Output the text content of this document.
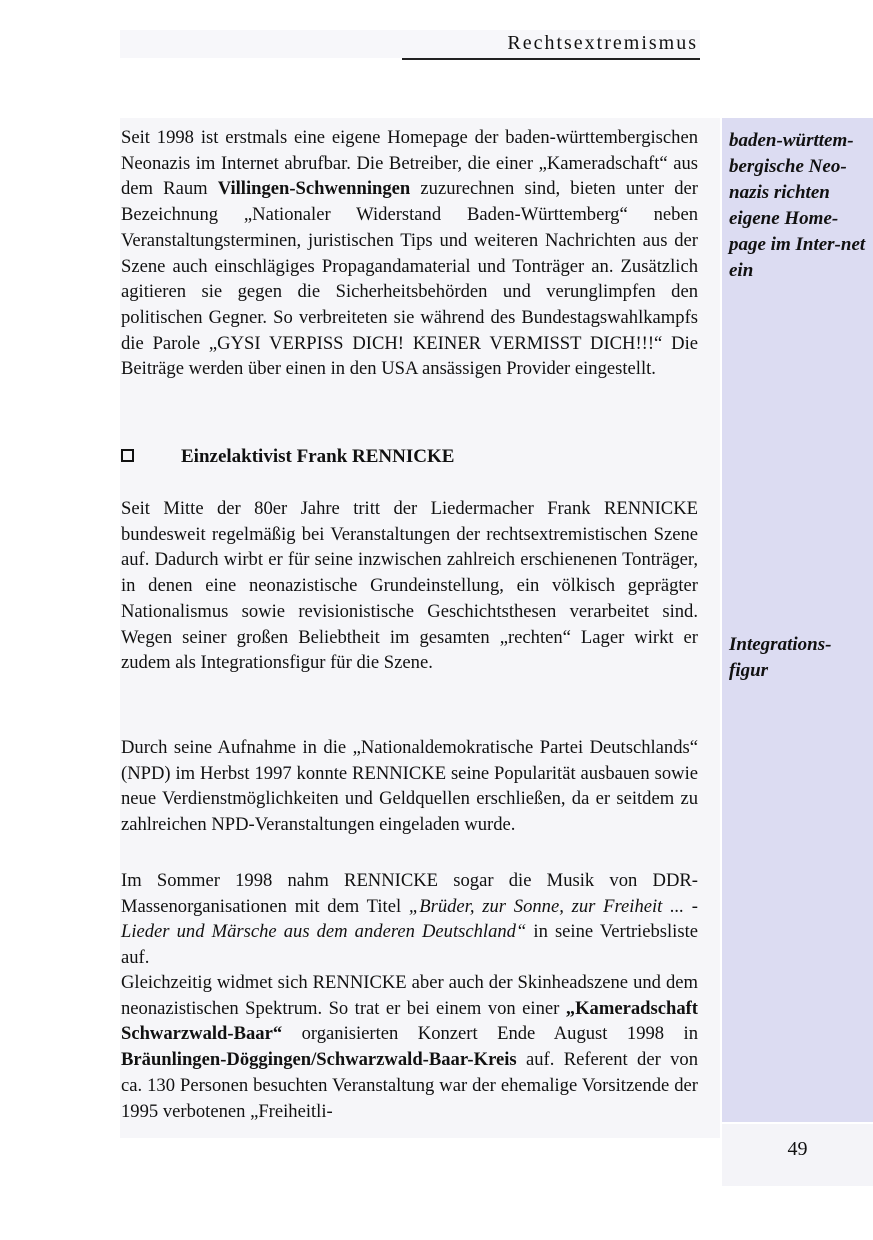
Rechtsextremismus
baden-württem-bergische Neo-nazis richten eigene Home-page im Inter-net ein
Integrations-figur

Seit 1998 ist erstmals eine eigene Homepage der baden-württembergischen Neonazis im Internet abrufbar. Die Betreiber, die einer „Kameradschaft“ aus dem Raum Villingen-Schwenningen zuzurechnen sind, bieten unter der Bezeichnung „Nationaler Widerstand Baden-Württemberg“ neben Veranstaltungsterminen, juristischen Tips und weiteren Nachrichten aus der Szene auch einschlägiges Propagandamaterial und Tonträger an. Zusätzlich agitieren sie gegen die Sicherheitsbehörden und verunglimpfen den politischen Gegner. So verbreiteten sie während des Bundestagswahlkampfs die Parole „GYSI VERPISS DICH! KEINER VERMISST DICH!!!“ Die Beiträge werden über einen in den USA ansässigen Provider eingestellt.

Einzelaktivist Frank RENNICKE

Seit Mitte der 80er Jahre tritt der Liedermacher Frank RENNICKE bundesweit regelmäßig bei Veranstaltungen der rechtsextremistischen Szene auf. Dadurch wirbt er für seine inzwischen zahlreich erschienenen Tonträger, in denen eine neonazistische Grundeinstellung, ein völkisch geprägter Nationalismus sowie revisionistische Geschichtsthesen verarbeitet sind. Wegen seiner großen Beliebtheit im gesamten „rechten“ Lager wirkt er zudem als Integrationsfigur für die Szene.

Durch seine Aufnahme in die „Nationaldemokratische Partei Deutschlands“ (NPD) im Herbst 1997 konnte RENNICKE seine Popularität ausbauen sowie neue Verdienstmöglichkeiten und Geldquellen erschließen, da er seitdem zu zahlreichen NPD-Veranstaltungen eingeladen wurde.

Im Sommer 1998 nahm RENNICKE sogar die Musik von DDR-Massenorganisationen mit dem Titel „Brüder, zur Sonne, zur Freiheit ... - Lieder und Märsche aus dem anderen Deutschland“ in seine Vertriebsliste auf.

Gleichzeitig widmet sich RENNICKE aber auch der Skinheadszene und dem neonazistischen Spektrum. So trat er bei einem von einer „Kameradschaft Schwarzwald-Baar“ organisierten Konzert Ende August 1998 in Bräunlingen-Döggingen/Schwarzwald-Baar-Kreis auf. Referent der von ca. 130 Personen besuchten Veranstaltung war der ehemalige Vorsitzende der 1995 verbotenen „Freiheitli-

49
